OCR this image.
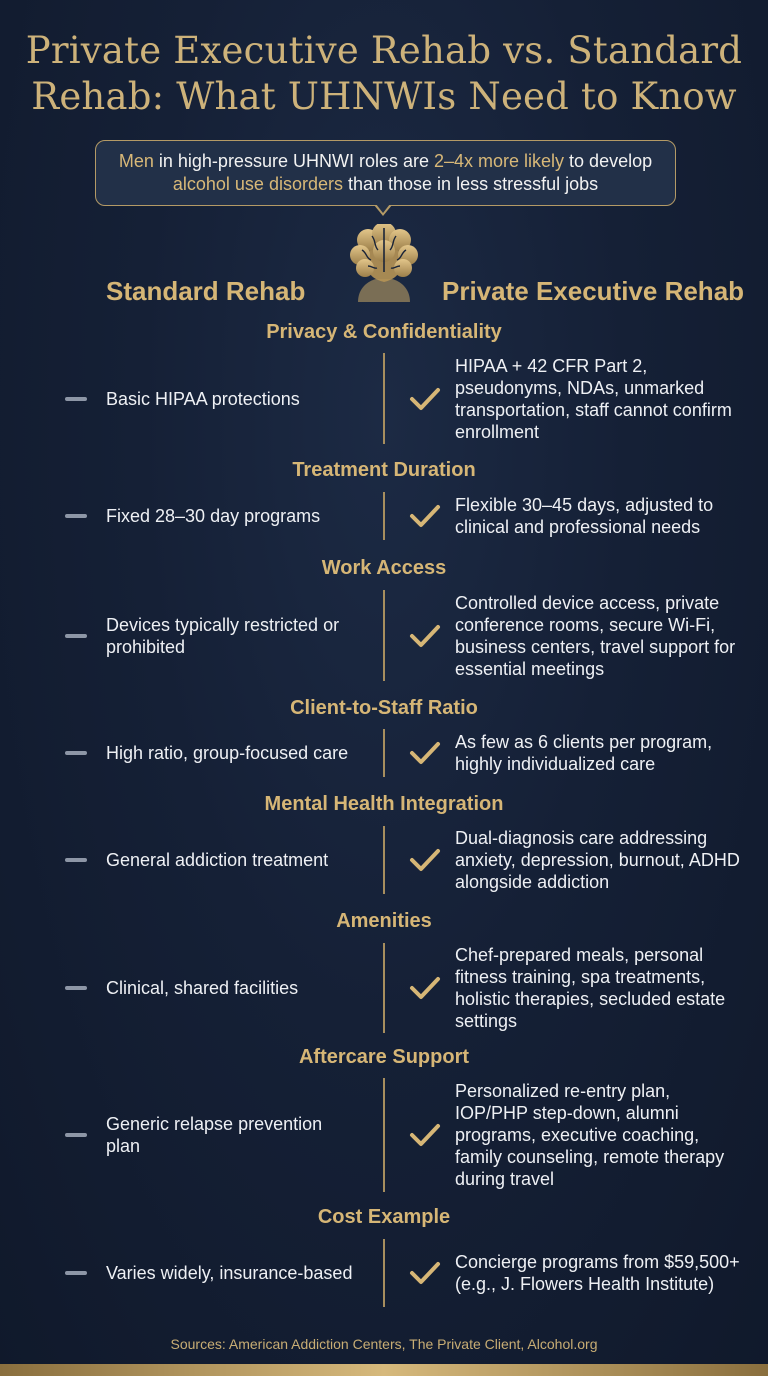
Private Executive Rehab vs. Standard
Rehab: What UHNWIs Need to Know
Men in high-pressure UHNWI roles are 2–4x more likely to develop
alcohol use disorders than those in less stressful jobs
Standard Rehab	Private Executive Rehab
Privacy & Confidentiality
Basic HIPAA protections
HIPAA + 42 CFR Part 2, pseudonyms, NDAs, unmarked transportation, staff cannot confirm enrollment
Treatment Duration
Fixed 28–30 day programs
Flexible 30–45 days, adjusted to clinical and professional needs
Work Access
Devices typically restricted or prohibited
Controlled device access, private conference rooms, secure Wi-Fi, business centers, travel support for essential meetings
Client-to-Staff Ratio
High ratio, group-focused care
As few as 6 clients per program, highly individualized care
Mental Health Integration
General addiction treatment
Dual-diagnosis care addressing anxiety, depression, burnout, ADHD alongside addiction
Amenities
Clinical, shared facilities
Chef-prepared meals, personal fitness training, spa treatments, holistic therapies, secluded estate settings
Aftercare Support
Generic relapse prevention plan
Personalized re-entry plan, IOP/PHP step-down, alumni programs, executive coaching, family counseling, remote therapy during travel
Cost Example
Varies widely, insurance-based
Concierge programs from $59,500+ (e.g., J. Flowers Health Institute)
Sources: American Addiction Centers, The Private Client, Alcohol.org
